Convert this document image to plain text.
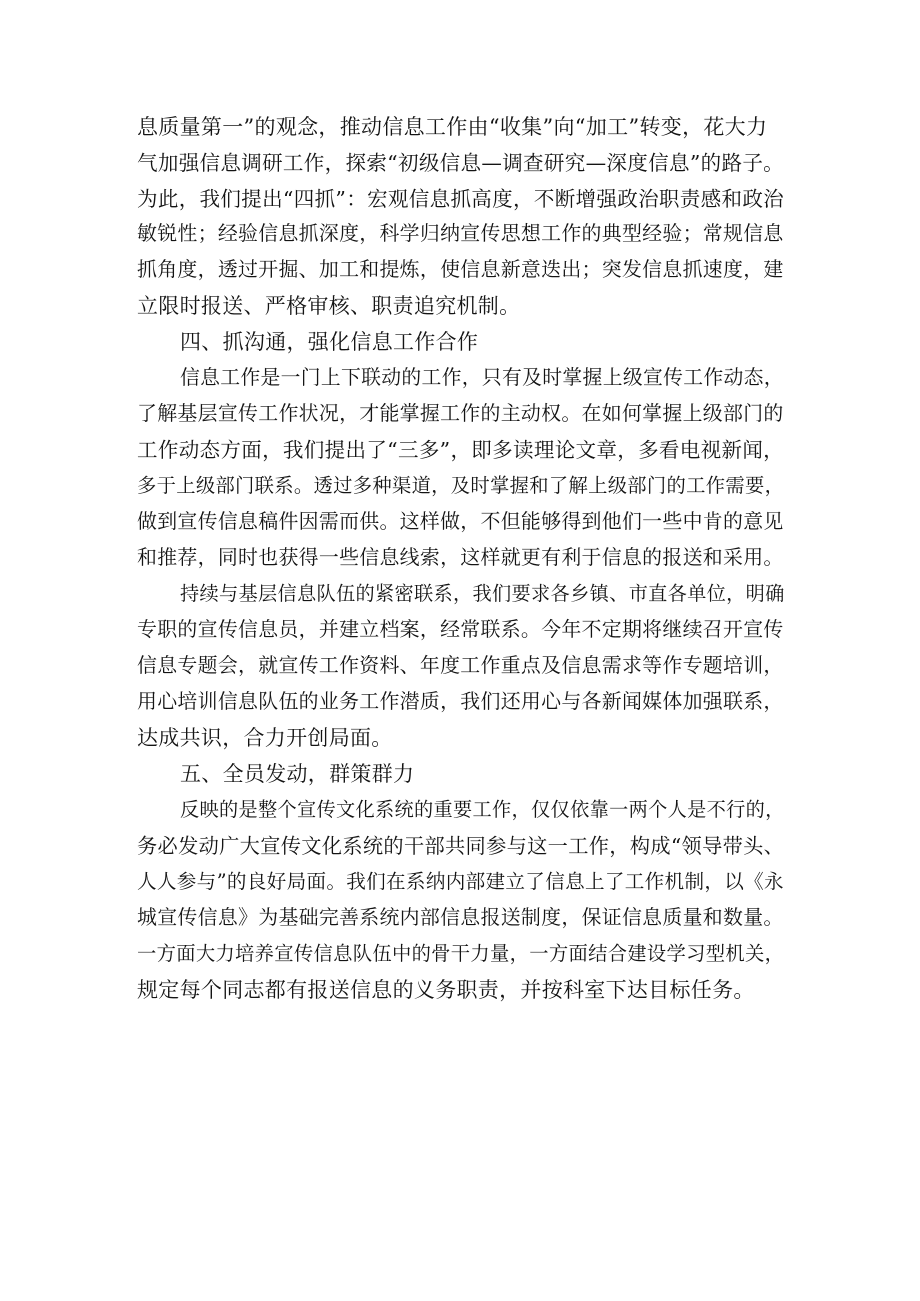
息质量第一”的观念，推动信息工作由“收集”向“加工”转变，花大力
气加强信息调研工作，探索“初级信息—调查研究—深度信息”的路子。
为此，我们提出“四抓”：宏观信息抓高度，不断增强政治职责感和政治
敏锐性；经验信息抓深度，科学归纳宣传思想工作的典型经验；常规信息
抓角度，透过开掘、加工和提炼，使信息新意迭出；突发信息抓速度，建
立限时报送、严格审核、职责追究机制。
四、抓沟通，强化信息工作合作
信息工作是一门上下联动的工作，只有及时掌握上级宣传工作动态，
了解基层宣传工作状况，才能掌握工作的主动权。在如何掌握上级部门的
工作动态方面，我们提出了“三多”，即多读理论文章，多看电视新闻，
多于上级部门联系。透过多种渠道，及时掌握和了解上级部门的工作需要，
做到宣传信息稿件因需而供。这样做，不但能够得到他们一些中肯的意见
和推荐，同时也获得一些信息线索，这样就更有利于信息的报送和采用。
持续与基层信息队伍的紧密联系，我们要求各乡镇、市直各单位，明确
专职的宣传信息员，并建立档案，经常联系。今年不定期将继续召开宣传
信息专题会，就宣传工作资料、年度工作重点及信息需求等作专题培训，
用心培训信息队伍的业务工作潜质，我们还用心与各新闻媒体加强联系，
达成共识，合力开创局面。
五、全员发动，群策群力
反映的是整个宣传文化系统的重要工作，仅仅依靠一两个人是不行的，
务必发动广大宣传文化系统的干部共同参与这一工作，构成“领导带头、
人人参与”的良好局面。我们在系纳内部建立了信息上了工作机制，以《永
城宣传信息》为基础完善系统内部信息报送制度，保证信息质量和数量。
一方面大力培养宣传信息队伍中的骨干力量，一方面结合建设学习型机关，
规定每个同志都有报送信息的义务职责，并按科室下达目标任务。
